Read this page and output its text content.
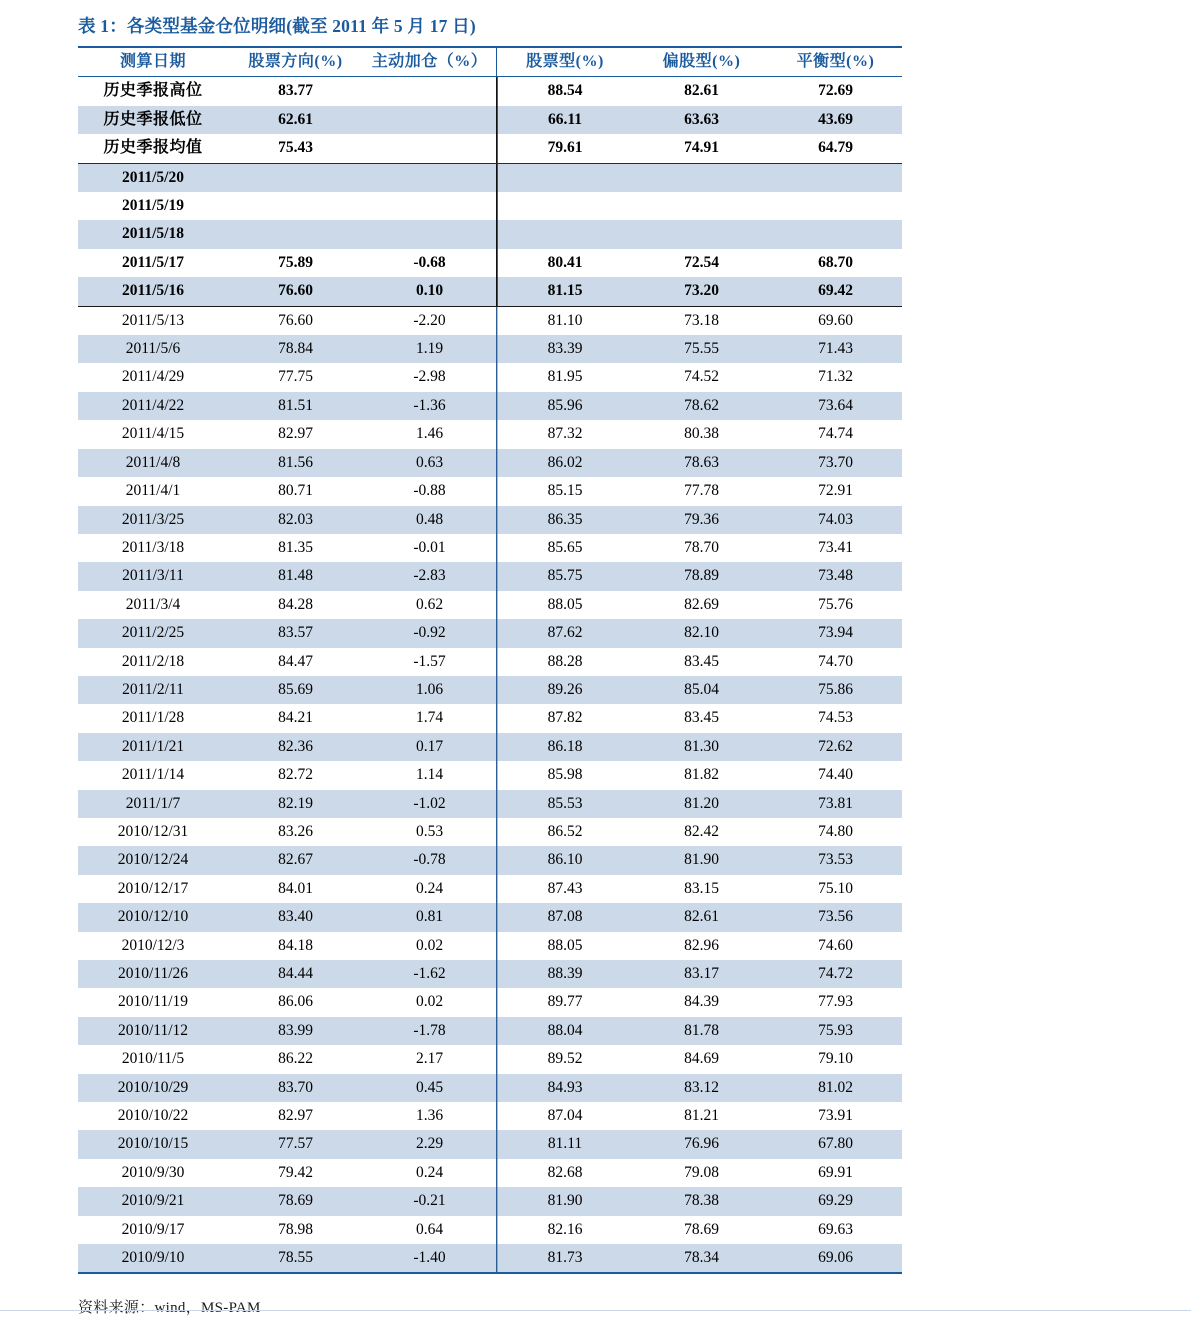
表 1：各类型基金仓位明细(截至 2011 年 5 月 17 日)
测算日期	股票方向(%)	主动加仓（%）	股票型(%)	偏股型(%)	平衡型(%)
历史季报高位	83.77		88.54	82.61	72.69
历史季报低位	62.61		66.11	63.63	43.69
历史季报均值	75.43		79.61	74.91	64.79
2011/5/20					
2011/5/19					
2011/5/18					
2011/5/17	75.89	-0.68	80.41	72.54	68.70
2011/5/16	76.60	0.10	81.15	73.20	69.42
2011/5/13	76.60	-2.20	81.10	73.18	69.60
2011/5/6	78.84	1.19	83.39	75.55	71.43
2011/4/29	77.75	-2.98	81.95	74.52	71.32
2011/4/22	81.51	-1.36	85.96	78.62	73.64
2011/4/15	82.97	1.46	87.32	80.38	74.74
2011/4/8	81.56	0.63	86.02	78.63	73.70
2011/4/1	80.71	-0.88	85.15	77.78	72.91
2011/3/25	82.03	0.48	86.35	79.36	74.03
2011/3/18	81.35	-0.01	85.65	78.70	73.41
2011/3/11	81.48	-2.83	85.75	78.89	73.48
2011/3/4	84.28	0.62	88.05	82.69	75.76
2011/2/25	83.57	-0.92	87.62	82.10	73.94
2011/2/18	84.47	-1.57	88.28	83.45	74.70
2011/2/11	85.69	1.06	89.26	85.04	75.86
2011/1/28	84.21	1.74	87.82	83.45	74.53
2011/1/21	82.36	0.17	86.18	81.30	72.62
2011/1/14	82.72	1.14	85.98	81.82	74.40
2011/1/7	82.19	-1.02	85.53	81.20	73.81
2010/12/31	83.26	0.53	86.52	82.42	74.80
2010/12/24	82.67	-0.78	86.10	81.90	73.53
2010/12/17	84.01	0.24	87.43	83.15	75.10
2010/12/10	83.40	0.81	87.08	82.61	73.56
2010/12/3	84.18	0.02	88.05	82.96	74.60
2010/11/26	84.44	-1.62	88.39	83.17	74.72
2010/11/19	86.06	0.02	89.77	84.39	77.93
2010/11/12	83.99	-1.78	88.04	81.78	75.93
2010/11/5	86.22	2.17	89.52	84.69	79.10
2010/10/29	83.70	0.45	84.93	83.12	81.02
2010/10/22	82.97	1.36	87.04	81.21	73.91
2010/10/15	77.57	2.29	81.11	76.96	67.80
2010/9/30	79.42	0.24	82.68	79.08	69.91
2010/9/21	78.69	-0.21	81.90	78.38	69.29
2010/9/17	78.98	0.64	82.16	78.69	69.63
2010/9/10	78.55	-1.40	81.73	78.34	69.06
资料来源：wind，MS-PAM
